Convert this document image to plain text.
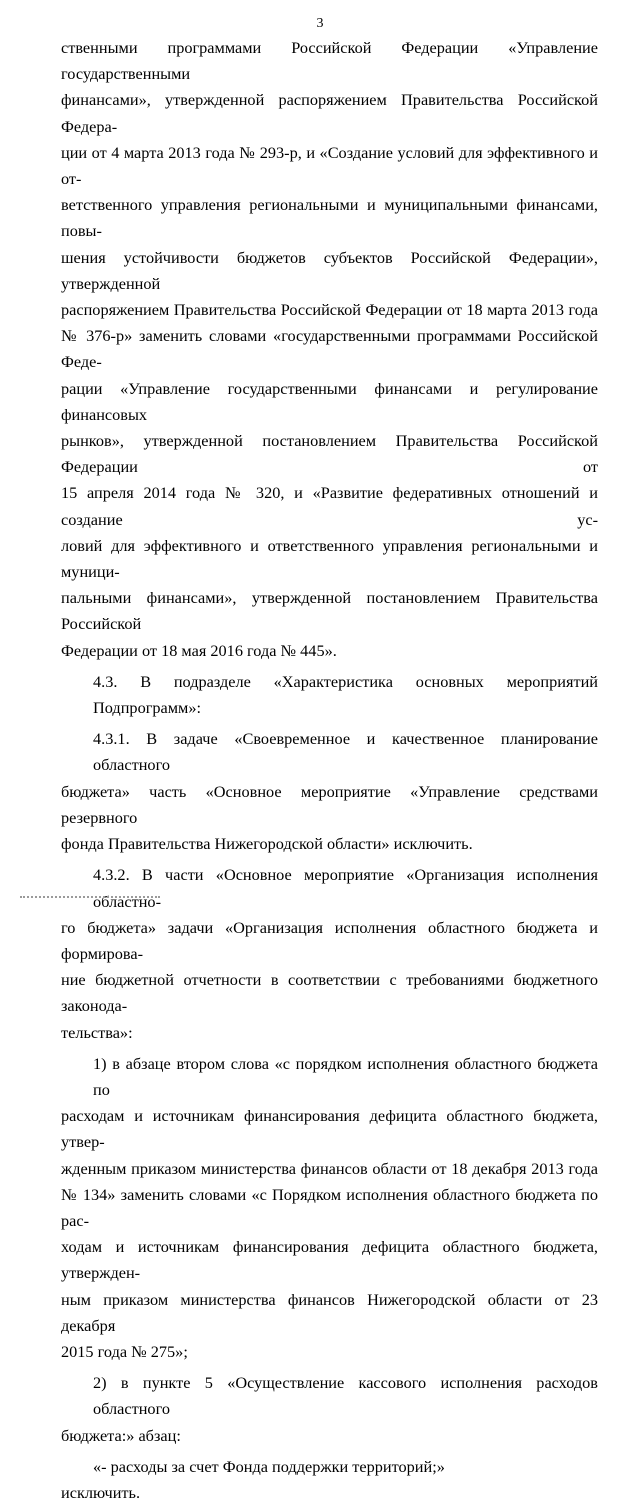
3

ственными программами Российской Федерации «Управление государственными

финансами», утвержденной распоряжением Правительства Российской Федера-

ции от 4 марта 2013 года № 293-р, и «Создание условий для эффективного и от-

ветственного управления региональными и муниципальными финансами, повы-

шения устойчивости бюджетов субъектов Российской Федерации», утвержденной

распоряжением Правительства Российской Федерации от 18 марта 2013 года

№ 376-р» заменить словами «государственными программами Российской Феде-

рации «Управление государственными финансами и регулирование финансовых

рынков», утвержденной постановлением Правительства Российской Федерации от

15 апреля 2014 года № 320, и «Развитие федеративных отношений и создание ус-

ловий для эффективного и ответственного управления региональными и муници-

пальными финансами», утвержденной постановлением Правительства Российской

Федерации от 18 мая 2016 года № 445».

4.3. В подразделе «Характеристика основных мероприятий Подпрограмм»:

4.3.1. В задаче «Своевременное и качественное планирование областного

бюджета» часть «Основное мероприятие «Управление средствами резервного

фонда Правительства Нижегородской области» исключить.

4.3.2. В части «Основное мероприятие «Организация исполнения областно-

го бюджета» задачи «Организация исполнения областного бюджета и формирова-

ние бюджетной отчетности в соответствии с требованиями бюджетного законода-

тельства»:

1) в абзаце втором слова «с порядком исполнения областного бюджета по

расходам и источникам финансирования дефицита областного бюджета, утвер-

жденным приказом министерства финансов области от 18 декабря 2013 года

№ 134» заменить словами «с Порядком исполнения областного бюджета по рас-

ходам и источникам финансирования дефицита областного бюджета, утвержден-

ным приказом министерства финансов Нижегородской области от 23 декабря

2015 года № 275»;

2) в пункте 5 «Осуществление кассового исполнения расходов областного

бюджета:» абзац:

«- расходы за счет Фонда поддержки территорий;»

исключить.
